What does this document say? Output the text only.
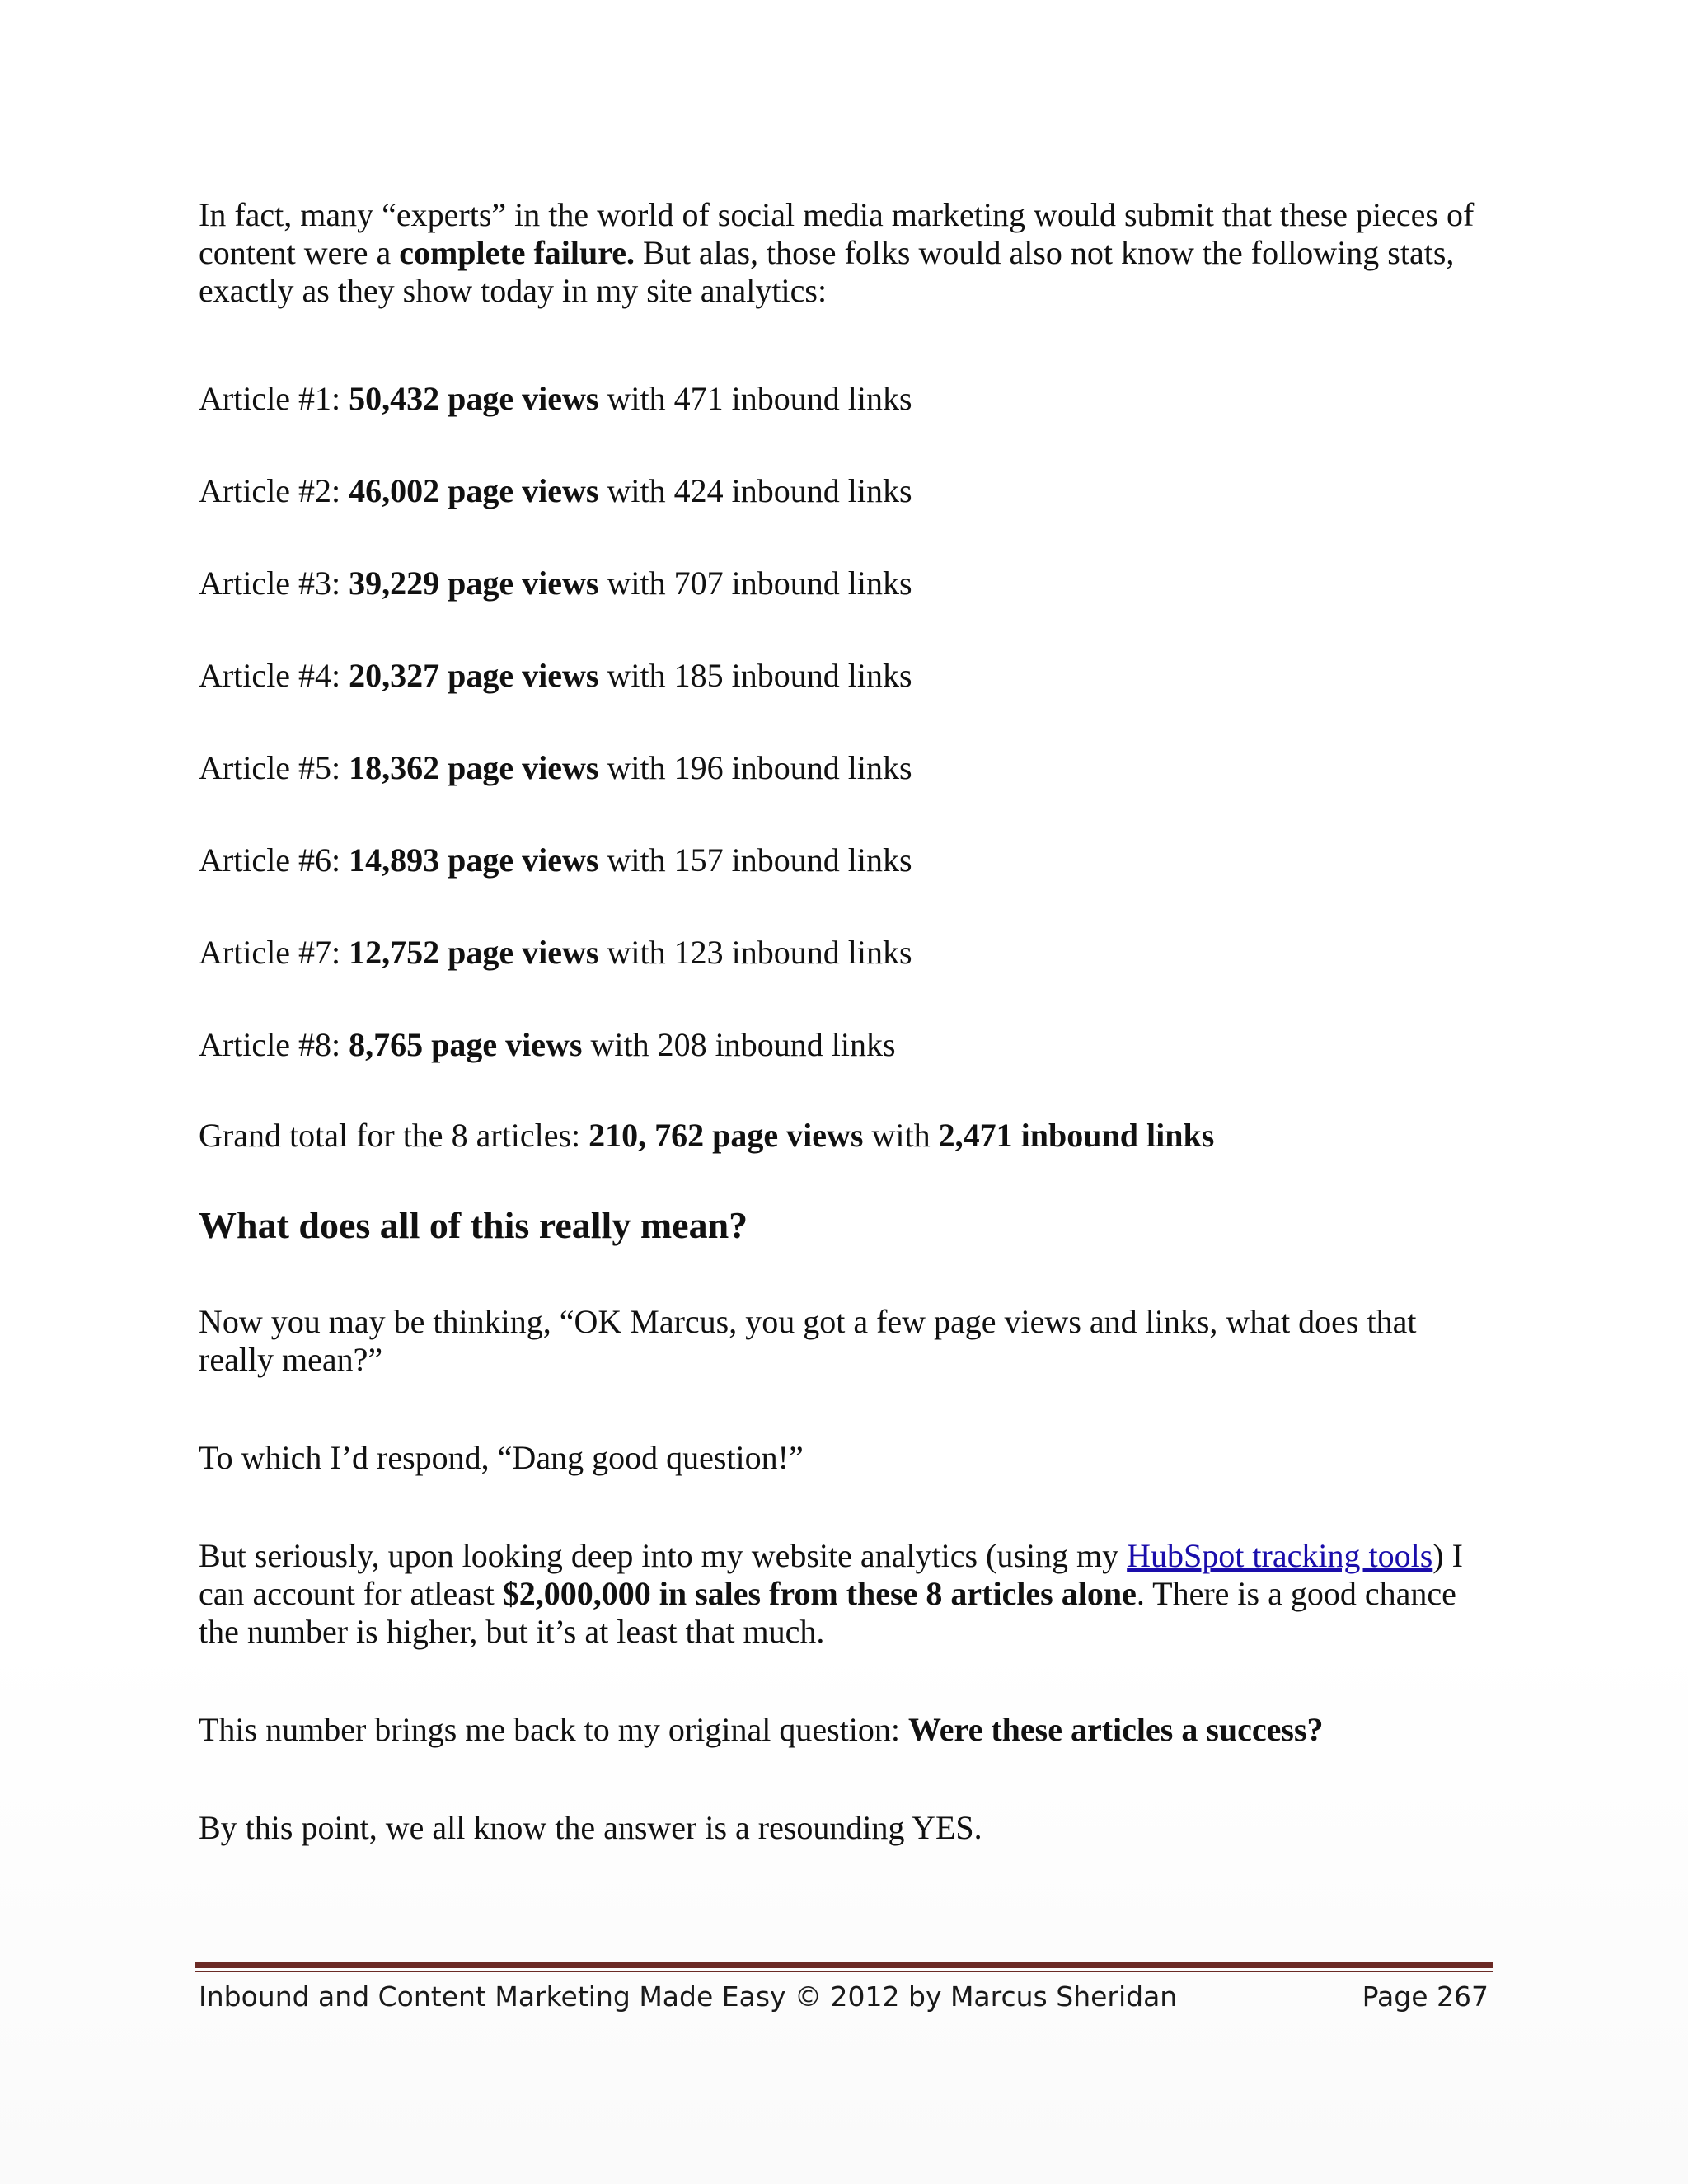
In fact, many “experts” in the world of social media marketing would submit that these pieces of content were a complete failure. But alas, those folks would also not know the following stats, exactly as they show today in my site analytics:

Article #1: 50,432 page views with 471 inbound links

Article #2: 46,002 page views with 424 inbound links

Article #3: 39,229 page views with 707 inbound links

Article #4: 20,327 page views with 185 inbound links

Article #5: 18,362 page views with 196 inbound links

Article #6: 14,893 page views with 157 inbound links

Article #7: 12,752 page views with 123 inbound links

Article #8: 8,765 page views with 208 inbound links

Grand total for the 8 articles: 210, 762 page views with 2,471 inbound links

What does all of this really mean?

Now you may be thinking, “OK Marcus, you got a few page views and links, what does that really mean?”

To which I’d respond, “Dang good question!”

But seriously, upon looking deep into my website analytics (using my HubSpot tracking tools) I can account for atleast $2,000,000 in sales from these 8 articles alone. There is a good chance the number is higher, but it’s at least that much.

This number brings me back to my original question: Were these articles a success?

By this point, we all know the answer is a resounding YES.

Inbound and Content Marketing Made Easy © 2012 by Marcus Sheridan	Page 267
